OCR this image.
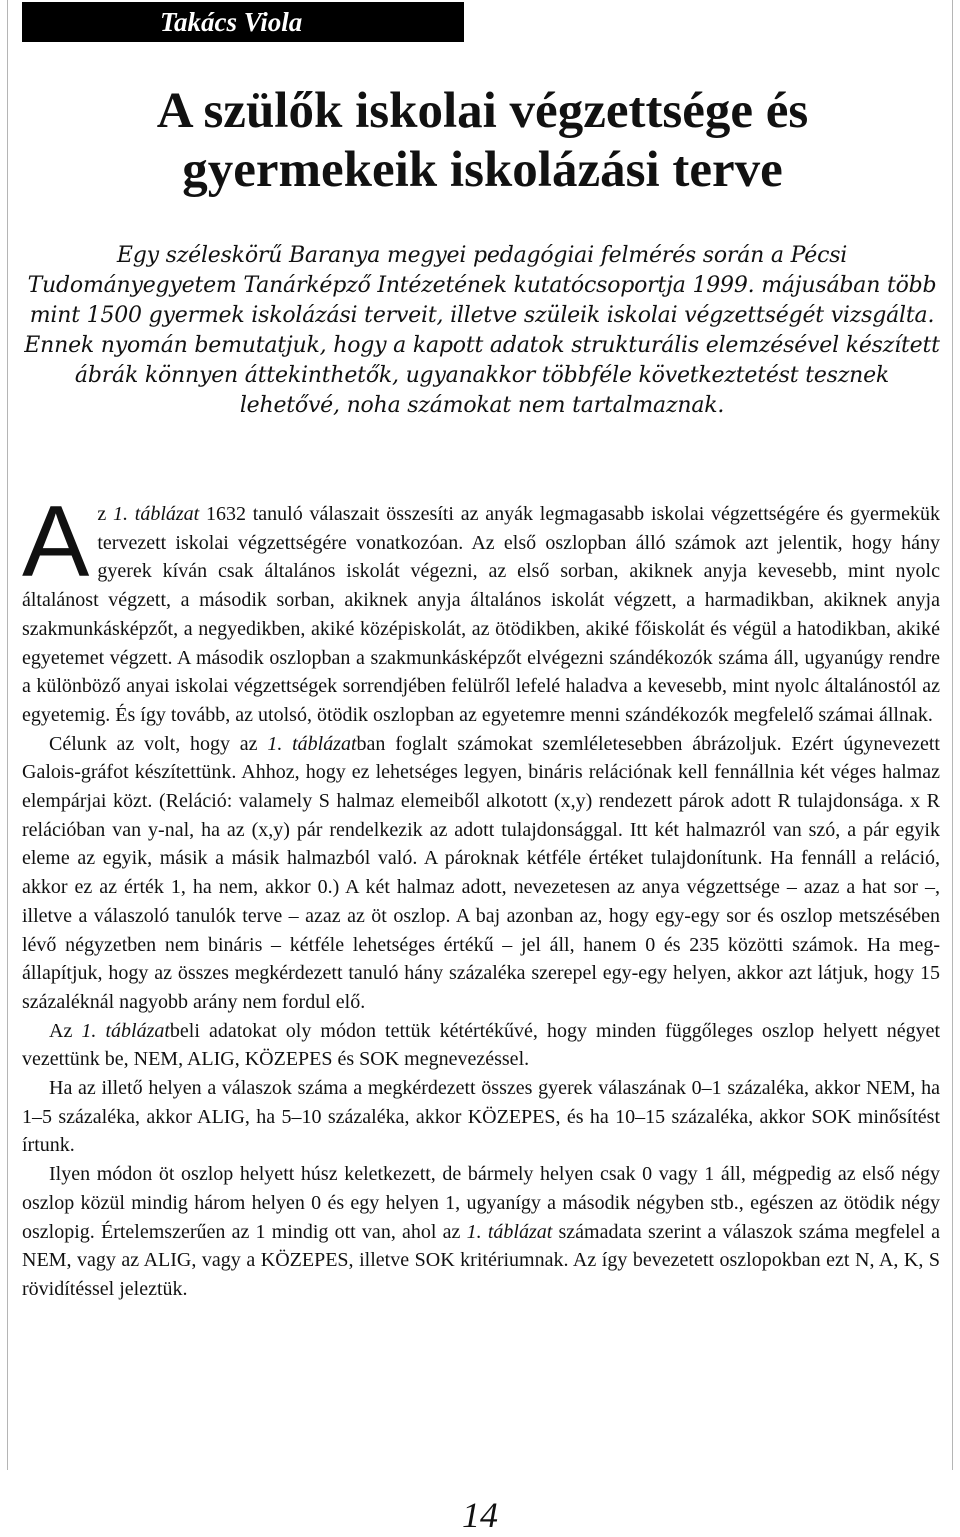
Takács Viola
A szülők iskolai végzettsége és
gyermekeik iskolázási terve

Egy széleskörű Baranya megyei pedagógiai felmérés során a Pécsi Tudományegyetem Tanárképző Intézetének kutatócsoportja 1999. májusában több mint 1500 gyermek iskolázási terveit, illetve szüleik iskolai végzettségét vizsgálta. Ennek nyomán bemutatjuk, hogy a kapott adatok strukturális elemzésével készített ábrák könnyen áttekinthetők, ugyanakkor többféle következtetést tesznek lehetővé, noha számokat nem tartalmaznak.

Az 1. táblázat 1632 tanuló válaszait összesíti az anyák legmagasabb iskolai végzettségére és gyermekük tervezett iskolai végzettségére vonatkozóan. Az első oszlopban álló számok azt jelentik, hogy hány gyerek kíván csak általános iskolát végezni, az első sorban, akiknek anyja kevesebb, mint nyolc általánost végzett, a második sorban, akiknek anyja általános iskolát végzett, a harmadikban, akiknek anyja szakmunkásképzőt, a negyedikben, akiké középiskolát, az ötödikben, akiké főiskolát és végül a hatodikban, akiké egyetemet végzett. A második oszlopban a szakmunkásképzőt elvégezni szándékozók száma áll, ugyanúgy rendre a különböző anyai iskolai végzettségek sorrendjében felülről lefelé haladva a kevesebb, mint nyolc általánostól az egyetemig. És így tovább, az utolsó, ötödik oszlopban az egyetemre menni szándékozók megfelelő számai állnak.

Célunk az volt, hogy az 1. táblázatban foglalt számokat szemléletesebben ábrázoljuk. Ezért úgynevezett Galois-gráfot készítettünk. Ahhoz, hogy ez lehetséges legyen, bináris relációnak kell fennállnia két véges halmaz elempárjai közt. (Reláció: valamely S halmaz elemeiből alkotott (x,y) rendezett párok adott R tulajdonsága. x R relációban van y-nal, ha az (x,y) pár rendelkezik az adott tulajdonsággal. Itt két halmazról van szó, a pár egyik eleme az egyik, másik a másik halmazból való. A pároknak kétféle értéket tulajdonítunk. Ha fennáll a reláció, akkor ez az érték 1, ha nem, akkor 0.) A két halmaz adott, nevezetesen az anya végzettsége – azaz a hat sor –, illetve a válaszoló tanulók terve – azaz az öt oszlop. A baj azonban az, hogy egy-egy sor és oszlop metszésében lévő négyzetben nem bináris – kétféle lehetséges értékű – jel áll, hanem 0 és 235 közötti számok. Ha megállapítjuk, hogy az összes megkérdezett tanuló hány százaléka szerepel egy-egy helyen, akkor azt látjuk, hogy 15 százaléknál nagyobb arány nem fordul elő.

Az 1. táblázatbeli adatokat oly módon tettük kétértékűvé, hogy minden függőleges oszlop helyett négyet vezettünk be, NEM, ALIG, KÖZEPES és SOK megnevezéssel.

Ha az illető helyen a válaszok száma a megkérdezett összes gyerek válaszának 0–1 százaléka, akkor NEM, ha 1–5 százaléka, akkor ALIG, ha 5–10 százaléka, akkor KÖZEPES, és ha 10–15 százaléka, akkor SOK minősítést írtunk.

Ilyen módon öt oszlop helyett húsz keletkezett, de bármely helyen csak 0 vagy 1 áll, mégpedig az első négy oszlop közül mindig három helyen 0 és egy helyen 1, ugyanígy a második négyben stb., egészen az ötödik négy oszlopig. Értelemszerűen az 1 mindig ott van, ahol az 1. táblázat számadata szerint a válaszok száma megfelel a NEM, vagy az ALIG, vagy a KÖZEPES, illetve SOK kritériumnak. Az így bevezetett oszlopokban ezt N, A, K, S rövidítéssel jeleztük.

14
